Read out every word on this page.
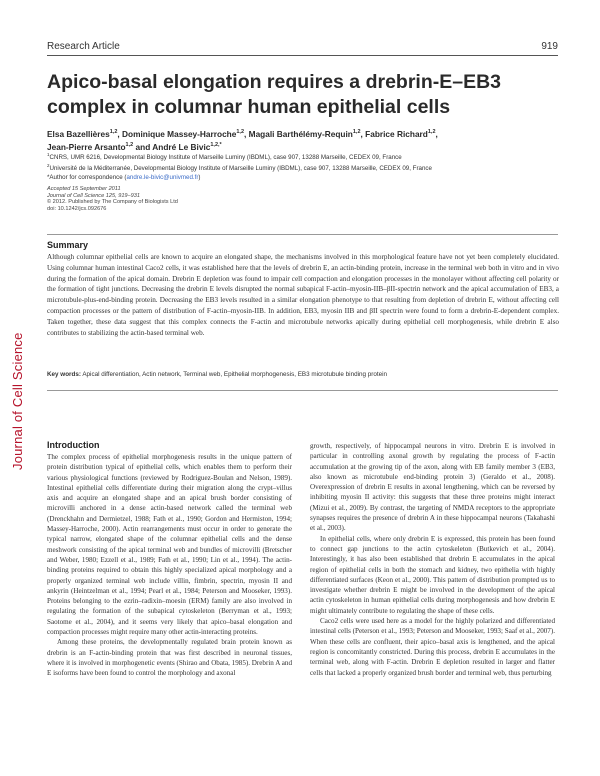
Research Article	919
Journal of Cell Science
Apico-basal elongation requires a drebrin-E–EB3
complex in columnar human epithelial cells
Elsa Bazellières$^{1,2}$, Dominique Massey-Harroche$^{1,2}$, Magali Barthélémy-Requin$^{1,2}$, Fabrice Richard$^{1,2}$,
Jean-Pierre Arsanto$^{1,2}$ and André Le Bivic$^{1,2,*}$
$^1$CNRS, UMR 6216, Developmental Biology Institute of Marseille Luminy (IBDML), case 907, 13288 Marseille, CEDEX 09, France
$^2$Université de la Méditerranée, Developmental Biology Institute of Marseille Luminy (IBDML), case 907, 13288 Marseille, CEDEX 09, France
*Author for correspondence (andre.le-bivic@univmed.fr)
Accepted 15 September 2011
Journal of Cell Science 125, 919–931
© 2012. Published by The Company of Biologists Ltd
doi: 10.1242/jcs.092676
Summary
Although columnar epithelial cells are known to acquire an elongated shape, the mechanisms involved in this morphological feature have not yet been completely elucidated. Using columnar human intestinal Caco2 cells, it was established here that the levels of drebrin E, an actin-binding protein, increase in the terminal web both in vitro and in vivo during the formation of the apical domain. Drebrin E depletion was found to impair cell compaction and elongation processes in the monolayer without affecting cell polarity or the formation of tight junctions. Decreasing the drebrin E levels disrupted the normal subapical F-actin–myosin-IIB–βII-spectrin network and the apical accumulation of EB3, a microtubule-plus-end-binding protein. Decreasing the EB3 levels resulted in a similar elongation phenotype to that resulting from depletion of drebrin E, without affecting cell compaction processes or the pattern of distribution of F-actin–myosin-IIB. In addition, EB3, myosin IIB and βII spectrin were found to form a drebrin-E-dependent complex. Taken together, these data suggest that this complex connects the F-actin and microtubule networks apically during epithelial cell morphogenesis, while drebrin E also contributes to stabilizing the actin-based terminal web.
Key words: Apical differentiation, Actin network, Terminal web, Epithelial morphogenesis, EB3 microtubule binding protein
Introduction

The complex process of epithelial morphogenesis results in the unique pattern of protein distribution typical of epithelial cells, which enables them to perform their various physiological functions (reviewed by Rodriguez-Boulan and Nelson, 1989). Intestinal epithelial cells differentiate during their migration along the crypt–villus axis and acquire an elongated shape and an apical brush border consisting of microvilli anchored in a dense actin-based network called the terminal web (Drenckhahn and Dermietzel, 1988; Fath et al., 1990; Gordon and Hermiston, 1994; Massey-Harroche, 2000). Actin rearrangements must occur in order to generate the typical narrow, elongated shape of the columnar epithelial cells and the dense meshwork consisting of the apical terminal web and bundles of microvilli (Bretscher and Weber, 1980; Ezzell et al., 1989; Fath et al., 1990; Lin et al., 1994). The actin-binding proteins required to obtain this highly specialized apical morphology and a properly organized terminal web include villin, fimbrin, spectrin, myosin II and ankyrin (Heintzelman et al., 1994; Pearl et al., 1984; Peterson and Mooseker, 1993). Proteins belonging to the ezrin–radixin–moesin (ERM) family are also involved in regulating the formation of the subapical cytoskeleton (Berryman et al., 1993; Saotome et al., 2004), and it seems very likely that apico–basal elongation and compaction processes might require many other actin-interacting proteins.

Among these proteins, the developmentally regulated brain protein known as drebrin is an F-actin-binding protein that was first described in neuronal tissues, where it is involved in morphogenetic events (Shirao and Obata, 1985). Drebrin A and E isoforms have been found to control the morphology and axonal

growth, respectively, of hippocampal neurons in vitro. Drebrin E is involved in particular in controlling axonal growth by regulating the process of F-actin accumulation at the growing tip of the axon, along with EB family member 3 (EB3, also known as microtubule end-binding protein 3) (Geraldo et al., 2008). Overexpression of drebrin E results in axonal lengthening, which can be reversed by inhibiting myosin II activity: this suggests that these three proteins might interact (Mizui et al., 2009). By contrast, the targeting of NMDA receptors to the appropriate synapses requires the presence of drebrin A in these hippocampal neurons (Takahashi et al., 2003).

In epithelial cells, where only drebrin E is expressed, this protein has been found to connect gap junctions to the actin cytoskeleton (Butkevich et al., 2004). Interestingly, it has also been established that drebrin E accumulates in the apical region of epithelial cells in both the stomach and kidney, two epithelia with highly differentiated surfaces (Keon et al., 2000). This pattern of distribution prompted us to investigate whether drebrin E might be involved in the development of the apical actin cytoskeleton in human epithelial cells during morphogenesis and how drebrin E might ultimately contribute to regulating the shape of these cells.

Caco2 cells were used here as a model for the highly polarized and differentiated intestinal cells (Peterson et al., 1993; Peterson and Mooseker, 1993; Saaf et al., 2007). When these cells are confluent, their apico–basal axis is lengthened, and the apical region is concomitantly constricted. During this process, drebrin E accumulates in the terminal web, along with F-actin. Drebrin E depletion resulted in larger and flatter cells that lacked a properly organized brush border and terminal web, thus perturbing
